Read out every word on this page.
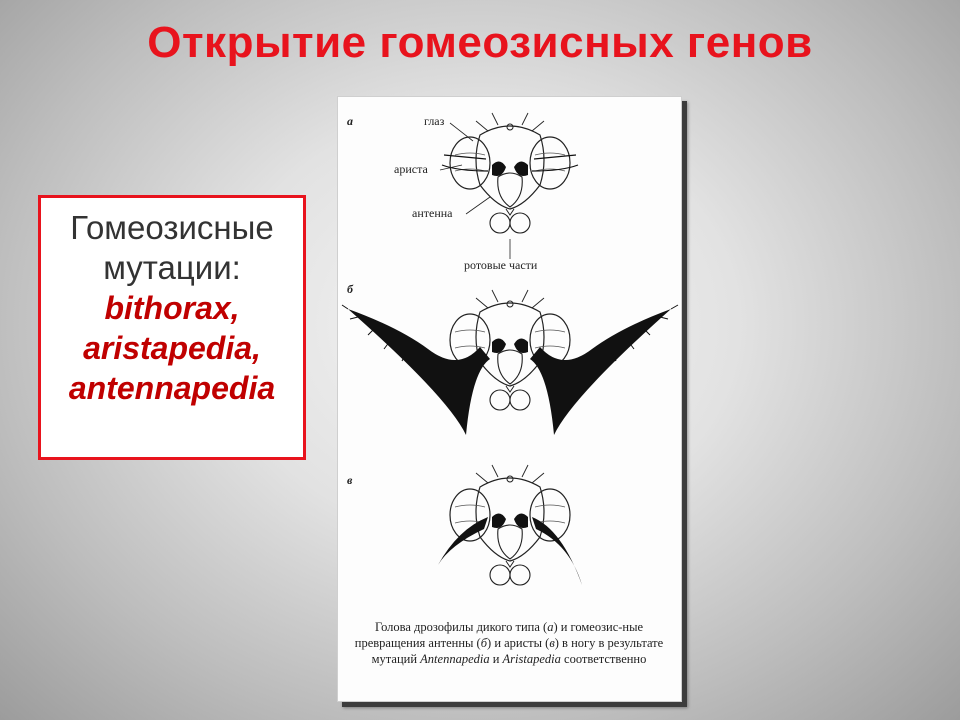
Открытие гомеозисных генов
Гомеозисные
мутации:
bithorax,
aristapedia,
antennapedia
а	глаз
ариста
антенна
ротовые части
б
в
Голова дрозофилы дикого типа (а) и гомеозис-ные превращения антенны (б) и аристы (в) в ногу в результате мутаций Antennapedia и Aristapedia соответственно
